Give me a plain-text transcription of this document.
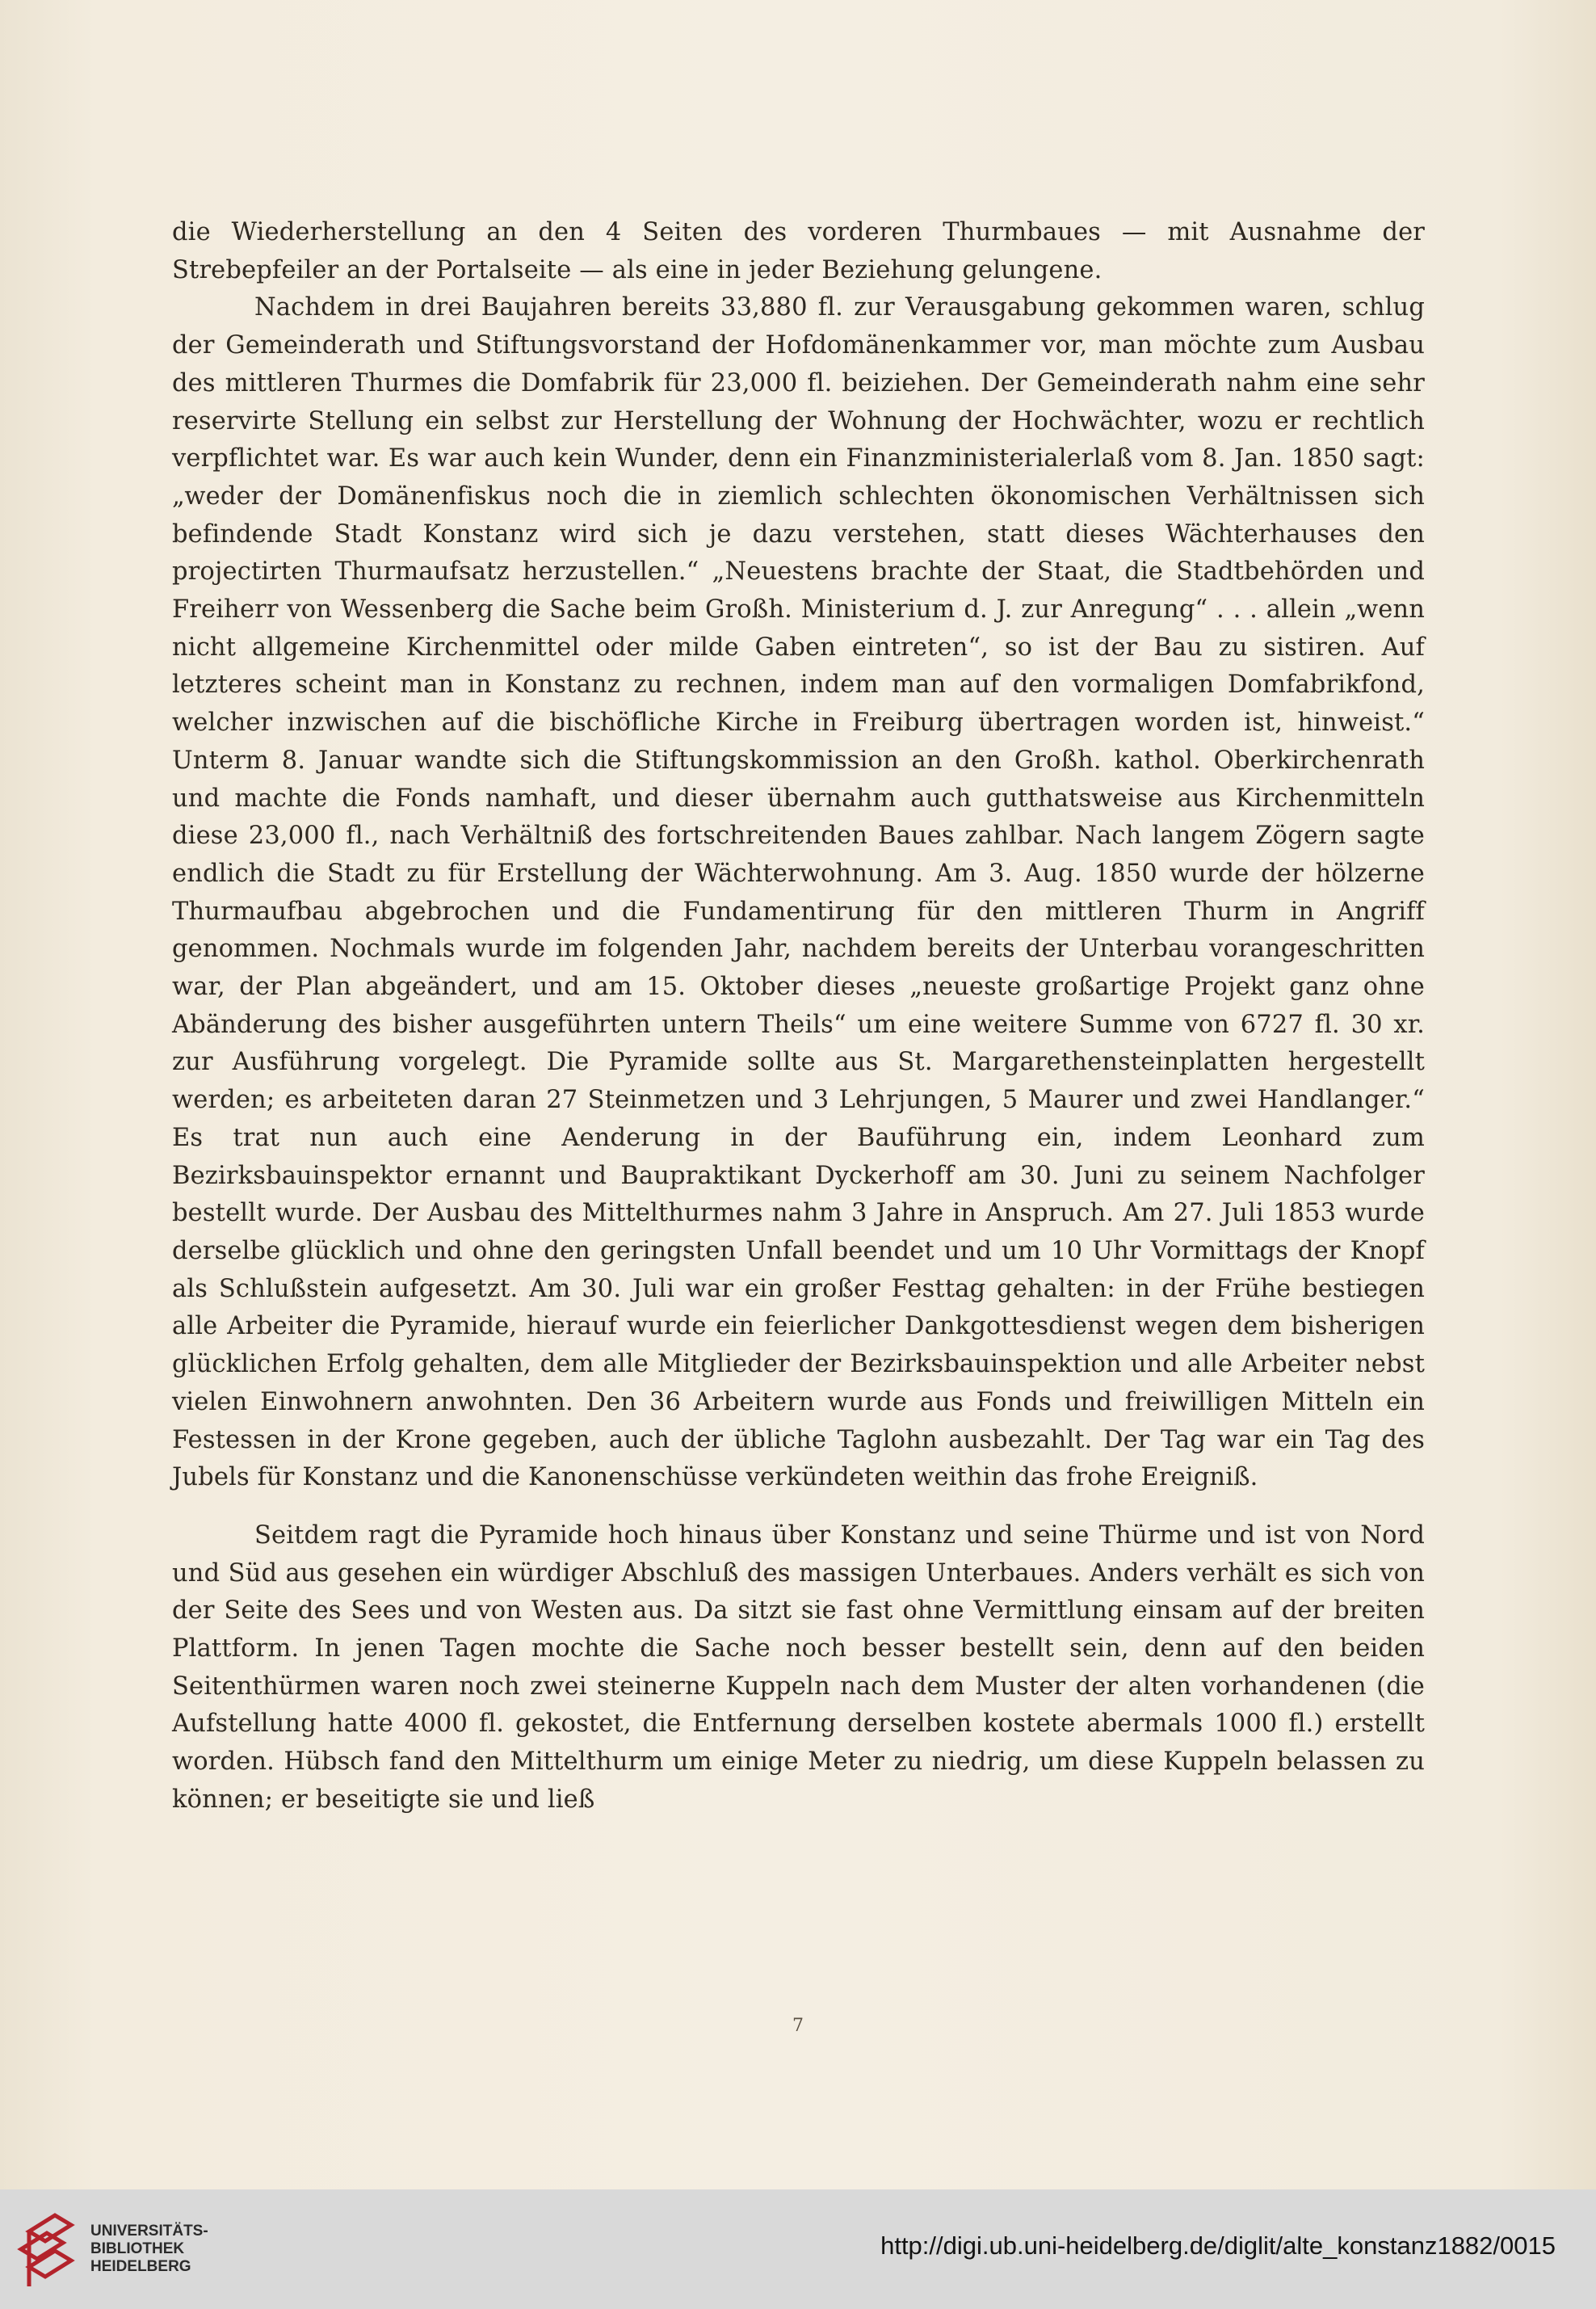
die Wiederherstellung an den 4 Seiten des vorderen Thurmbaues — mit Ausnahme der Strebepfeiler an der Portalseite — als eine in jeder Beziehung gelungene.

Nachdem in drei Baujahren bereits 33,880 fl. zur Verausgabung gekommen waren, schlug der Gemeinderath und Stiftungsvorstand der Hofdomänenkammer vor, man möchte zum Ausbau des mittleren Thurmes die Domfabrik für 23,000 fl. beiziehen. Der Gemeinderath nahm eine sehr reservirte Stellung ein selbst zur Herstellung der Wohnung der Hochwächter, wozu er rechtlich verpflichtet war. Es war auch kein Wunder, denn ein Finanzministerialerlaß vom 8. Jan. 1850 sagt: „weder der Domänenfiskus noch die in ziemlich schlechten ökonomischen Verhältnissen sich befindende Stadt Konstanz wird sich je dazu verstehen, statt dieses Wächterhauses den projectirten Thurmaufsatz herzustellen.“ „Neuestens brachte der Staat, die Stadtbehörden und Freiherr von Wessenberg die Sache beim Großh. Ministerium d. J. zur Anregung“ . . . allein „wenn nicht allgemeine Kirchenmittel oder milde Gaben eintreten“, so ist der Bau zu sistiren. Auf letzteres scheint man in Konstanz zu rechnen, indem man auf den vormaligen Domfabrikfond, welcher inzwischen auf die bischöfliche Kirche in Freiburg übertragen worden ist, hinweist.“ Unterm 8. Januar wandte sich die Stiftungskommission an den Großh. kathol. Oberkirchenrath und machte die Fonds namhaft, und dieser übernahm auch gutthatsweise aus Kirchenmitteln diese 23,000 fl., nach Verhältniß des fortschreitenden Baues zahlbar. Nach langem Zögern sagte endlich die Stadt zu für Erstellung der Wächterwohnung. Am 3. Aug. 1850 wurde der hölzerne Thurmaufbau abgebrochen und die Fundamentirung für den mittleren Thurm in Angriff genommen. Nochmals wurde im folgenden Jahr, nachdem bereits der Unterbau vorangeschritten war, der Plan abgeändert, und am 15. Oktober dieses „neueste großartige Projekt ganz ohne Abänderung des bisher ausgeführten untern Theils“ um eine weitere Summe von 6727 fl. 30 xr. zur Ausführung vorgelegt. Die Pyramide sollte aus St. Margarethensteinplatten hergestellt werden; es arbeiteten daran 27 Steinmetzen und 3 Lehrjungen, 5 Maurer und zwei Handlanger.“ Es trat nun auch eine Aenderung in der Bauführung ein, indem Leonhard zum Bezirksbauinspektor ernannt und Baupraktikant Dyckerhoff am 30. Juni zu seinem Nachfolger bestellt wurde. Der Ausbau des Mittelthurmes nahm 3 Jahre in Anspruch. Am 27. Juli 1853 wurde derselbe glücklich und ohne den geringsten Unfall beendet und um 10 Uhr Vormittags der Knopf als Schlußstein aufgesetzt. Am 30. Juli war ein großer Festtag gehalten: in der Frühe bestiegen alle Arbeiter die Pyramide, hierauf wurde ein feierlicher Dankgottesdienst wegen dem bisherigen glücklichen Erfolg gehalten, dem alle Mitglieder der Bezirksbauinspektion und alle Arbeiter nebst vielen Einwohnern anwohnten. Den 36 Arbeitern wurde aus Fonds und freiwilligen Mitteln ein Festessen in der Krone gegeben, auch der übliche Taglohn ausbezahlt. Der Tag war ein Tag des Jubels für Konstanz und die Kanonenschüsse verkündeten weithin das frohe Ereigniß.

Seitdem ragt die Pyramide hoch hinaus über Konstanz und seine Thürme und ist von Nord und Süd aus gesehen ein würdiger Abschluß des massigen Unterbaues. Anders verhält es sich von der Seite des Sees und von Westen aus. Da sitzt sie fast ohne Vermittlung einsam auf der breiten Plattform. In jenen Tagen mochte die Sache noch besser bestellt sein, denn auf den beiden Seitenthürmen waren noch zwei steinerne Kuppeln nach dem Muster der alten vorhandenen (die Aufstellung hatte 4000 fl. gekostet, die Entfernung derselben kostete abermals 1000 fl.) erstellt worden. Hübsch fand den Mittelthurm um einige Meter zu niedrig, um diese Kuppeln belassen zu können; er beseitigte sie und ließ

7
UNIVERSITÄTS-
BIBLIOTHEK
HEIDELBERG
http://digi.ub.uni-heidelberg.de/diglit/alte_konstanz1882/0015
